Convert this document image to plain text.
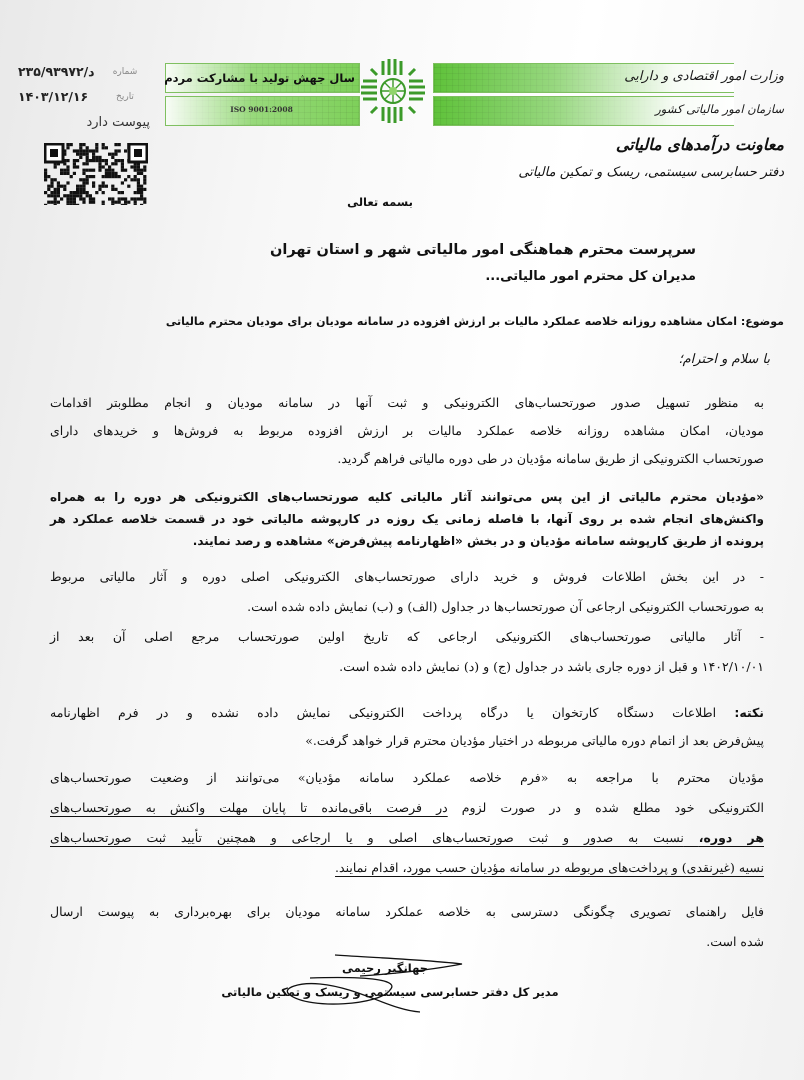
۲۳۵/۹۳۹۷۲/د	شماره
۱۴۰۳/۱۲/۱۶	تاریخ
پیوست دارد
سال جهش تولید با مشارکت مردم
ISO 9001:2008
وزارت امور اقتصادی و دارایی
سازمان امور مالیاتی کشور
معاونت درآمدهای مالیاتی
دفتر حسابرسی سیستمی، ریسک و تمکین مالیاتی
بسمه تعالی
سرپرست محترم هماهنگی امور مالیاتی شهر و استان تهران
مدیران کل محترم امور مالیاتی...
موضوع: امکان مشاهده روزانه خلاصه عملکرد مالیات بر ارزش افزوده در سامانه مودیان برای مودیان محترم مالیاتی
با سلام و احترام؛
به منظور تسهیل صدور صورتحساب‌های الکترونیکی و ثبت آنها در سامانه مودیان و انجام مطلوبتر اقدامات
مودیان، امکان مشاهده روزانه خلاصه عملکرد مالیات بر ارزش افزوده مربوط به فروش‌ها و خریدهای دارای
صورتحساب الکترونیکی از طریق سامانه مؤدیان در طی دوره مالیاتی فراهم گردید.
«مؤدیان محترم مالیاتی از این پس می‌توانند آثار مالیاتی کلیه صورتحساب‌های الکترونیکی هر دوره را به همراه
واکنش‌های انجام شده بر روی آنها، با فاصله زمانی یک روزه در کارپوشه مالیاتی خود در قسمت خلاصه عملکرد هر
پرونده از طریق کارپوشه سامانه مؤدیان و در بخش «اظهارنامه پیش‌فرض» مشاهده و رصد نمایند.
- در این بخش اطلاعات فروش و خرید دارای صورتحساب‌های الکترونیکی اصلی دوره و آثار مالیاتی مربوط
به صورتحساب الکترونیکی ارجاعی آن صورتحساب‌ها در جداول (الف) و (ب) نمایش داده شده است.
- آثار مالیاتی صورتحساب‌های الکترونیکی ارجاعی که تاریخ اولین صورتحساب مرجع اصلی آن بعد از
۱۴۰۲/۱۰/۰۱ و قبل از دوره جاری باشد در جداول (ج) و (د) نمایش داده شده است.
نکته: اطلاعات دستگاه کارتخوان یا درگاه پرداخت الکترونیکی نمایش داده نشده و در فرم اظهارنامه
پیش‌فرض بعد از اتمام دوره مالیاتی مربوطه در اختیار مؤدیان محترم قرار خواهد گرفت.»
مؤدیان محترم با مراجعه به «فرم خلاصه عملکرد سامانه مؤدیان» می‌توانند از وضعیت صورتحساب‌های
الکترونیکی خود مطلع شده و در صورت لزوم در فرصت باقی‌مانده تا پایان مهلت واکنش به صورتحساب‌های
هر دوره، نسبت به صدور و ثبت صورتحساب‌های اصلی و یا ارجاعی و همچنین تأیید ثبت صورتحساب‌های
نسیه (غیرنقدی) و پرداخت‌های مربوطه در سامانه مؤدیان حسب مورد، اقدام نمایند.
فایل راهنمای تصویری چگونگی دسترسی به خلاصه عملکرد سامانه مودیان برای بهره‌برداری به پیوست ارسال
شده است.
جهانگیر رحیمی
مدیر کل دفتر حسابرسی سیستمی و ریسک و تمکین مالیاتی
